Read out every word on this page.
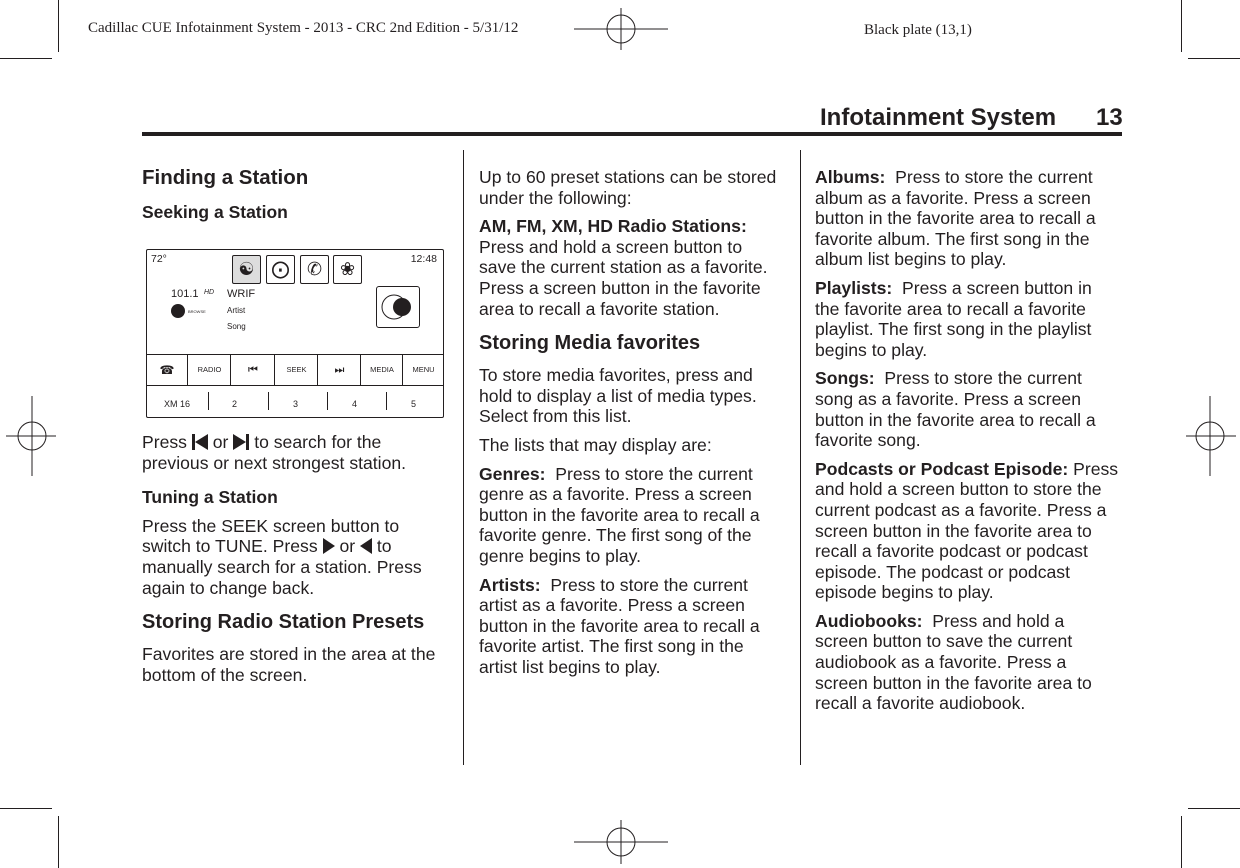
Cadillac CUE Infotainment System - 2013 - CRC 2nd Edition - 5/31/12	Black plate (13,1)
Infotainment System 13
Finding a Station
Seeking a Station
72°	12:48
☯ ⨀ ✆ ❀
101.1 HD WRIF
Artist
Song
BROWSE
☎	RADIO	⏮	SEEK	⏭	MEDIA	MENU
XM 16	2	3	4	5

Press or to search for the previous or next strongest station.

Tuning a Station

Press the SEEK screen button to switch to TUNE. Press or to manually search for a station. Press again to change back.

Storing Radio Station Presets

Favorites are stored in the area at the bottom of the screen.

Up to 60 preset stations can be stored under the following:

AM, FM, XM, HD Radio Stations: Press and hold a screen button to save the current station as a favorite. Press a screen button in the favorite area to recall a favorite station.

Storing Media favorites

To store media favorites, press and hold to display a list of media types. Select from this list.

The lists that may display are:

Genres: Press to store the current genre as a favorite. Press a screen button in the favorite area to recall a favorite genre. The first song of the genre begins to play.

Artists: Press to store the current artist as a favorite. Press a screen button in the favorite area to recall a favorite artist. The first song in the artist list begins to play.

Albums: Press to store the current album as a favorite. Press a screen button in the favorite area to recall a favorite album. The first song in the album list begins to play.

Playlists: Press a screen button in the favorite area to recall a favorite playlist. The first song in the playlist begins to play.

Songs: Press to store the current song as a favorite. Press a screen button in the favorite area to recall a favorite song.

Podcasts or Podcast Episode: Press and hold a screen button to store the current podcast as a favorite. Press a screen button in the favorite area to recall a favorite podcast or podcast episode. The podcast or podcast episode begins to play.

Audiobooks: Press and hold a screen button to save the current audiobook as a favorite. Press a screen button in the favorite area to recall a favorite audiobook.
